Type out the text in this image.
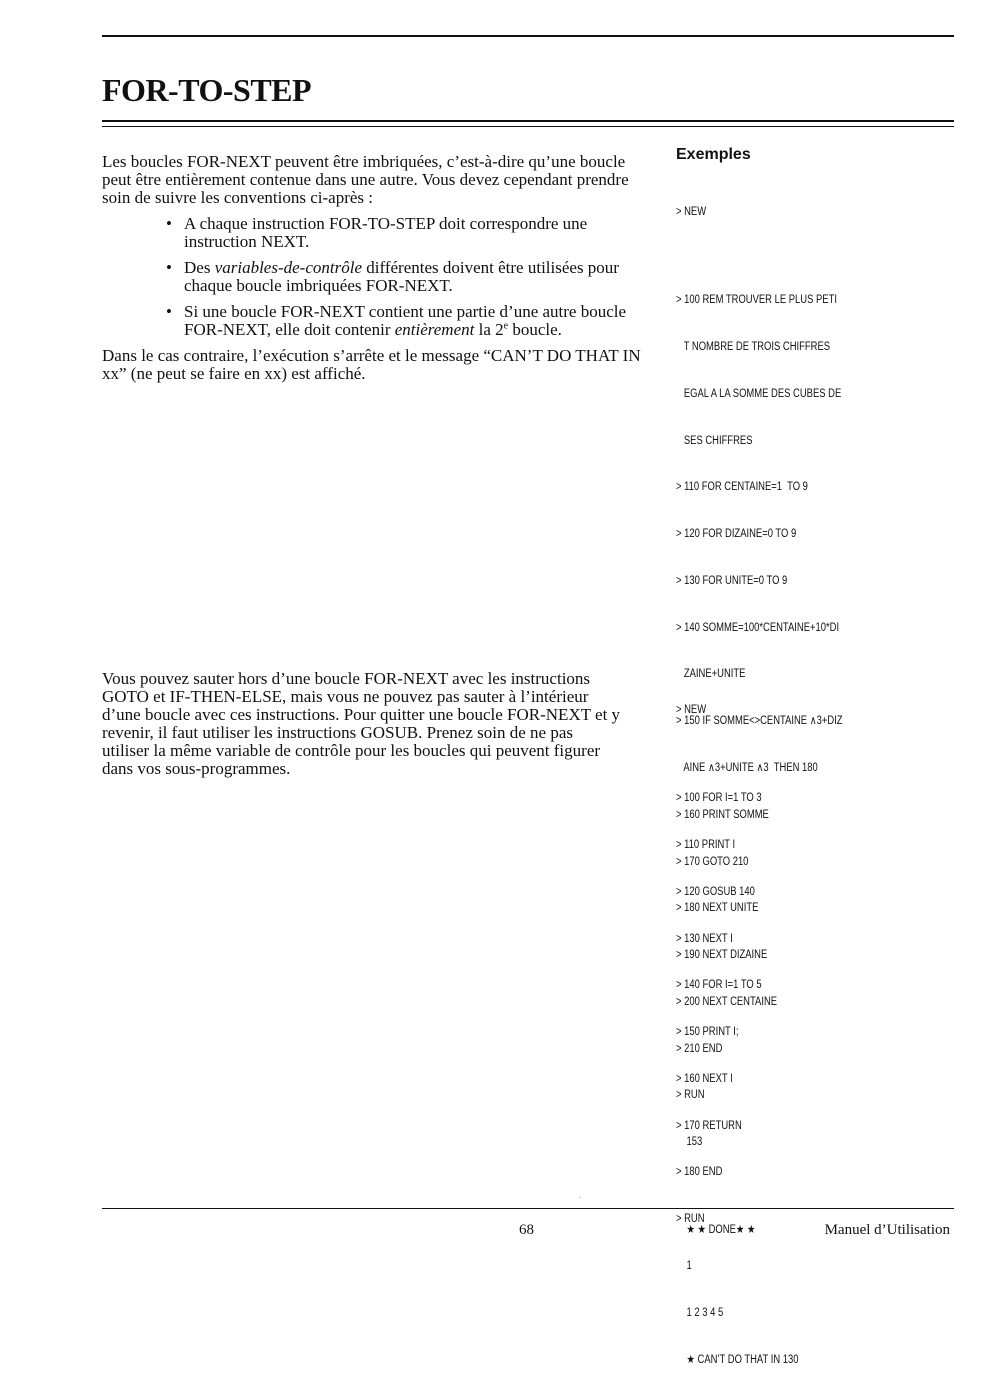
FOR-TO-STEP

Les boucles FOR-NEXT peuvent être imbriquées, c’est-à-dire qu’une boucle peut être entièrement contenue dans une autre. Vous devez cependant prendre soin de suivre les conventions ci-après :

• A chaque instruction FOR-TO-STEP doit correspondre une instruction NEXT.
• Des variables-de-contrôle différentes doivent être utilisées pour chaque boucle imbriquées FOR-NEXT.
• Si une boucle FOR-NEXT contient une partie d’une autre boucle FOR-NEXT, elle doit contenir entièrement la 2e boucle.

Dans le cas contraire, l’exécution s’arrête et le message “CAN’T DO THAT IN xx” (ne peut se faire en xx) est affiché.

Exemples

> NEW

> 100 REM TROUVER LE PLUS PETI

T NOMBRE DE TROIS CHIFFRES

EGAL A LA SOMME DES CUBES DE

SES CHIFFRES

> 110 FOR CENTAINE=1  TO 9

> 120 FOR DIZAINE=0 TO 9

> 130 FOR UNITE=0 TO 9

> 140 SOMME=100*CENTAINE+10*DI

ZAINE+UNITE

> 150 IF SOMME<>CENTAINE ∧3+DIZ

AINE ∧3+UNITE ∧3  THEN 180

> 160 PRINT SOMME

> 170 GOTO 210

> 180 NEXT UNITE

> 190 NEXT DIZAINE

> 200 NEXT CENTAINE

> 210 END

> RUN

153

★ ★ DONE★ ★

Vous pouvez sauter hors d’une boucle FOR-NEXT avec les instructions GOTO et IF-THEN-ELSE, mais vous ne pouvez pas sauter à l’intérieur d’une boucle avec ces instructions. Pour quitter une boucle FOR-NEXT et y revenir, il faut utiliser les instructions GOSUB. Prenez soin de ne pas utiliser la même variable de contrôle pour les boucles qui peuvent figurer dans vos sous-programmes.

> NEW

> 100 FOR I=1 TO 3

> 110 PRINT I

> 120 GOSUB 140

> 130 NEXT I

> 140 FOR I=1 TO 5

> 150 PRINT I;

> 160 NEXT I

> 170 RETURN

> 180 END

> RUN

1

1 2 3 4 5

★ CAN’T DO THAT IN 130

68	Manuel d’Utilisation
